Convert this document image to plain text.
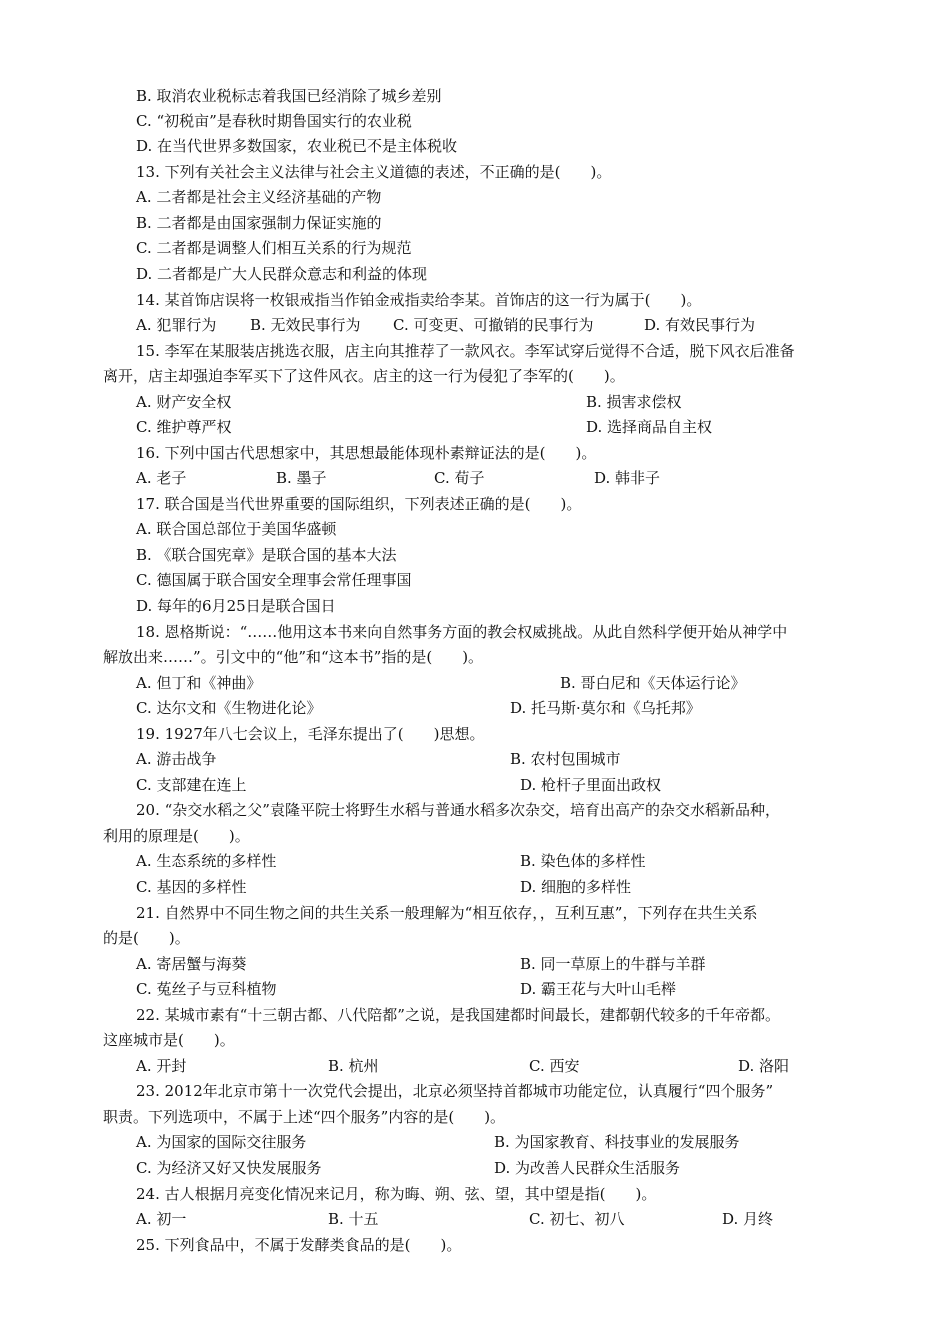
B. 取消农业税标志着我国已经消除了城乡差别
C. “初税亩”是春秋时期鲁国实行的农业税
D. 在当代世界多数国家，农业税已不是主体税收
13. 下列有关社会主义法律与社会主义道德的表述，不正确的是(　　)。
A. 二者都是社会主义经济基础的产物
B. 二者都是由国家强制力保证实施的
C. 二者都是调整人们相互关系的行为规范
D. 二者都是广大人民群众意志和利益的体现
14. 某首饰店误将一枚银戒指当作铂金戒指卖给李某。首饰店的这一行为属于(　　)。
A. 犯罪行为 B. 无效民事行为 C. 可变更、可撤销的民事行为	D. 有效民事行为
15. 李军在某服装店挑选衣服，店主向其推荐了一款风衣。李军试穿后觉得不合适，脱下风衣后准备
离开，店主却强迫李军买下了这件风衣。店主的这一行为侵犯了李军的(　　)。
A. 财产安全权	B. 损害求偿权
C. 维护尊严权	D. 选择商品自主权
16. 下列中国古代思想家中，其思想最能体现朴素辩证法的是(　　)。
A. 老子	B. 墨子	C. 荀子	D. 韩非子
17. 联合国是当代世界重要的国际组织，下列表述正确的是(　　)。
A. 联合国总部位于美国华盛顿
B. 《联合国宪章》是联合国的基本大法
C. 德国属于联合国安全理事会常任理事国
D. 每年的6月25日是联合国日
18. 恩格斯说：“……他用这本书来向自然事务方面的教会权威挑战。从此自然科学便开始从神学中
解放出来……”。引文中的“他”和“这本书”指的是(　　)。
A. 但丁和《神曲》	B. 哥白尼和《天体运行论》
C. 达尔文和《生物进化论》	D. 托马斯·莫尔和《乌托邦》
19. 1927年八七会议上，毛泽东提出了(　　)思想。
A. 游击战争	B. 农村包围城市
C. 支部建在连上	D. 枪杆子里面出政权
20. “杂交水稻之父”袁隆平院士将野生水稻与普通水稻多次杂交，培育出高产的杂交水稻新品种，
利用的原理是(　　)。
A. 生态系统的多样性	B. 染色体的多样性
C. 基因的多样性	D. 细胞的多样性
21. 自然界中不同生物之间的共生关系一般理解为“相互依存，，互利互惠”，下列存在共生关系
的是(　　)。
A. 寄居蟹与海葵	B. 同一草原上的牛群与羊群
C. 菟丝子与豆科植物	D. 霸王花与大叶山毛榉
22. 某城市素有“十三朝古都、八代陪都”之说，是我国建都时间最长，建都朝代较多的千年帝都。
这座城市是(　　)。
A. 开封	B. 杭州	C. 西安	D. 洛阳
23. 2012年北京市第十一次党代会提出，北京必须坚持首都城市功能定位，认真履行“四个服务”
职责。下列选项中，不属于上述“四个服务”内容的是(　　)。
A. 为国家的国际交往服务	B. 为国家教育、科技事业的发展服务
C. 为经济又好又快发展服务	D. 为改善人民群众生活服务
24. 古人根据月亮变化情况来记月，称为晦、朔、弦、望，其中望是指(　　)。
A. 初一	B. 十五	C. 初七、初八	D. 月终
25. 下列食品中，不属于发酵类食品的是(　　)。
